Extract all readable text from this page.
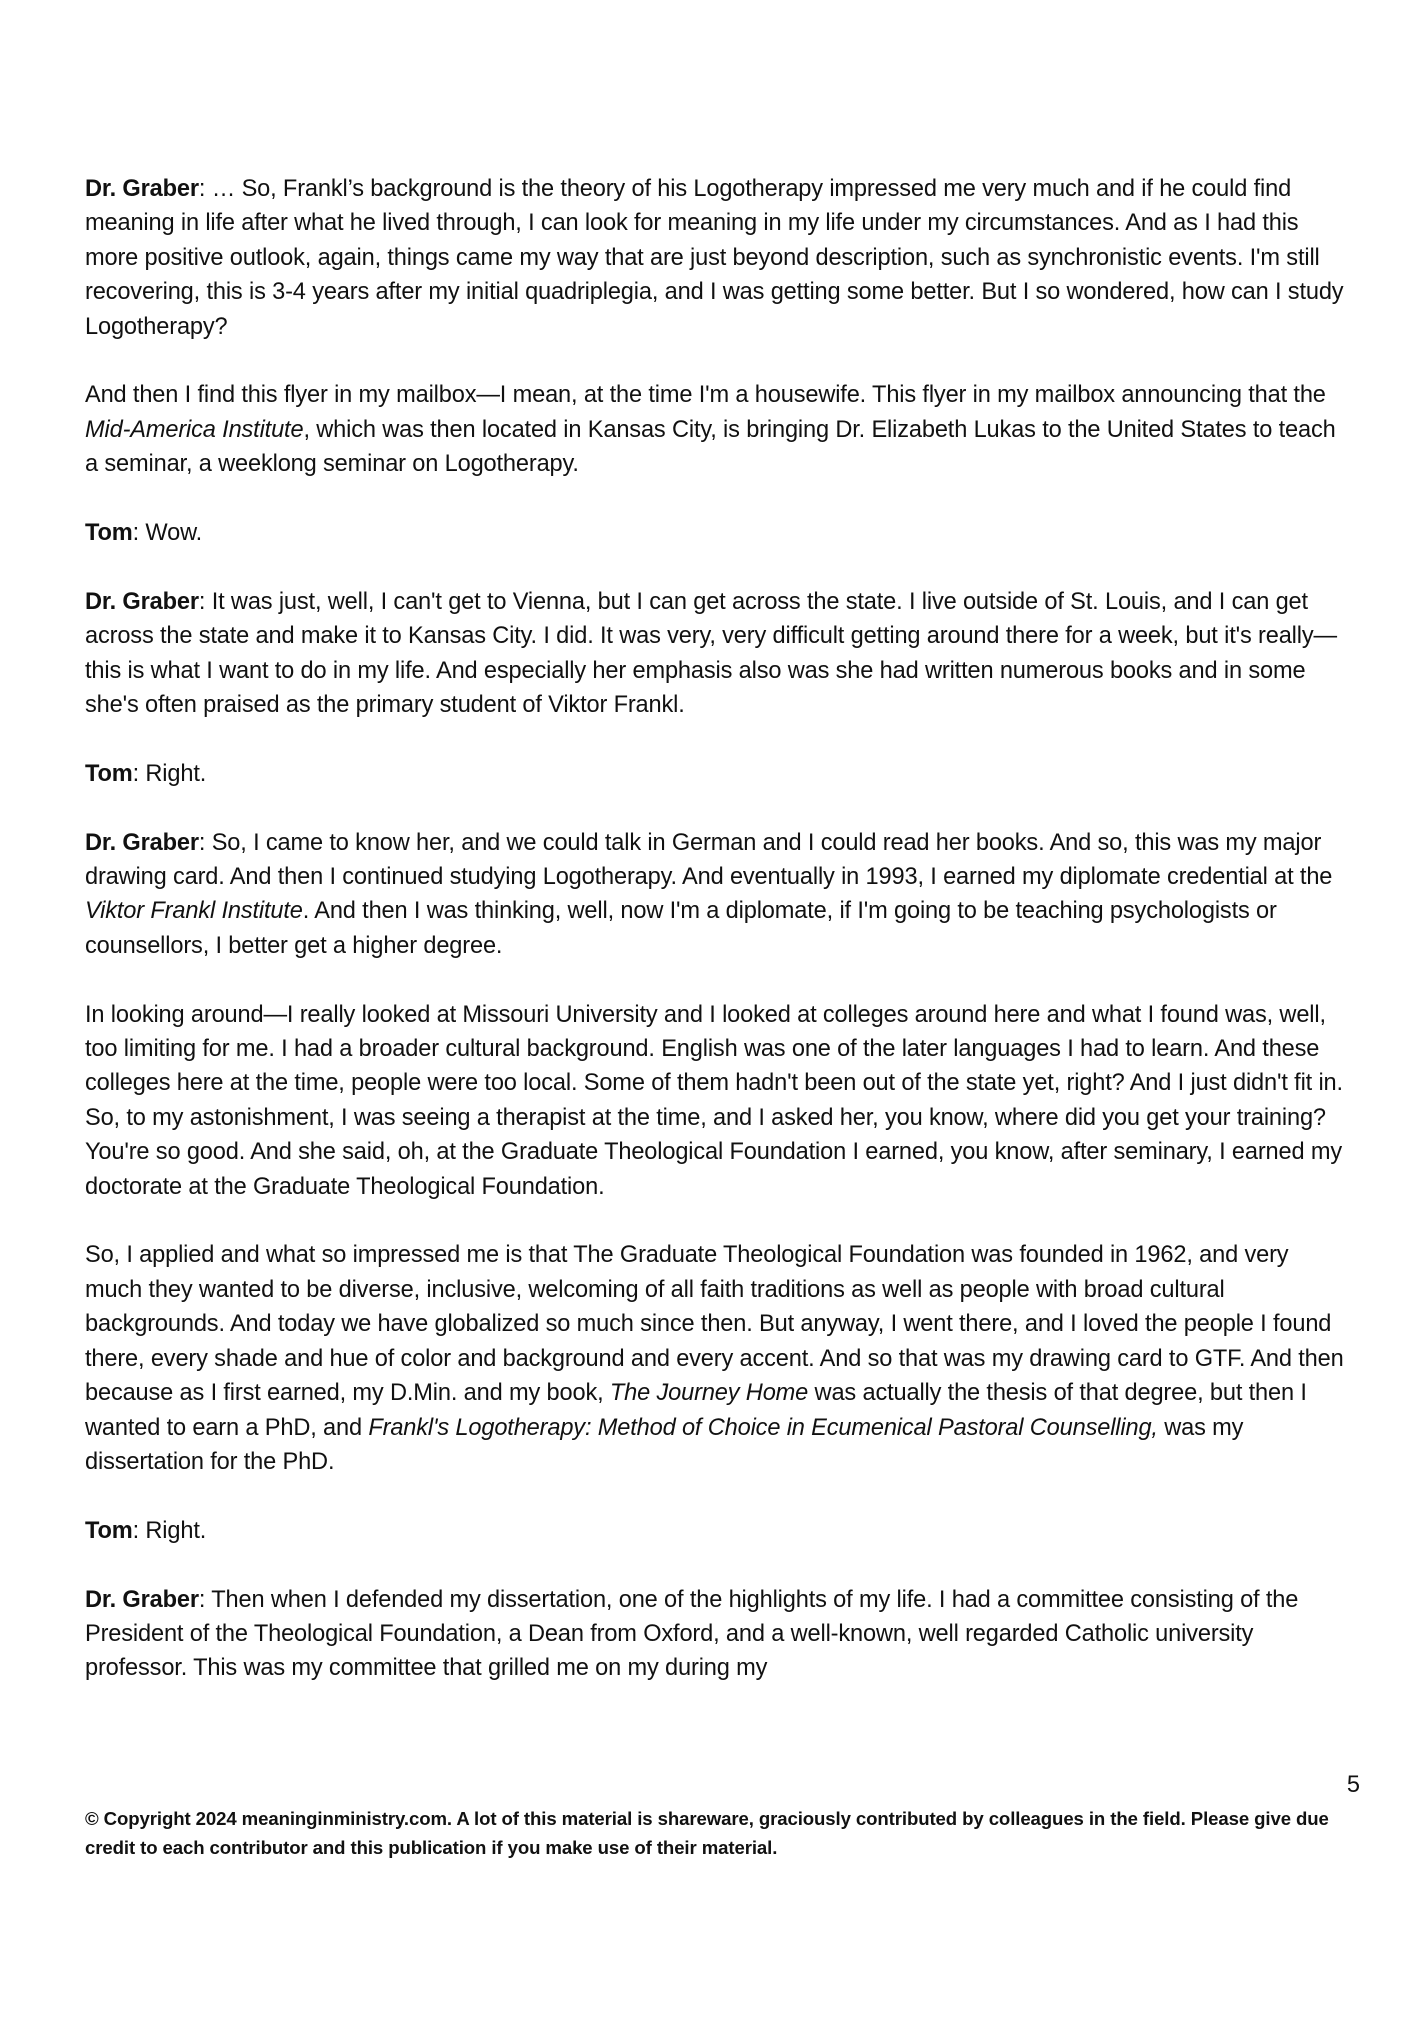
Dr. Graber: … So, Frankl’s background is the theory of his Logotherapy impressed me very much and if he could find meaning in life after what he lived through, I can look for meaning in my life under my circumstances. And as I had this more positive outlook, again, things came my way that are just beyond description, such as synchronistic events. I'm still recovering, this is 3-4 years after my initial quadriplegia, and I was getting some better. But I so wondered, how can I study Logotherapy?

And then I find this flyer in my mailbox—I mean, at the time I'm a housewife. This flyer in my mailbox announcing that the Mid-America Institute, which was then located in Kansas City, is bringing Dr. Elizabeth Lukas to the United States to teach a seminar, a weeklong seminar on Logotherapy.

Tom: Wow.

Dr. Graber: It was just, well, I can't get to Vienna, but I can get across the state. I live outside of St. Louis, and I can get across the state and make it to Kansas City. I did. It was very, very difficult getting around there for a week, but it's really—this is what I want to do in my life. And especially her emphasis also was she had written numerous books and in some she's often praised as the primary student of Viktor Frankl.

Tom: Right.

Dr. Graber: So, I came to know her, and we could talk in German and I could read her books. And so, this was my major drawing card. And then I continued studying Logotherapy. And eventually in 1993, I earned my diplomate credential at the Viktor Frankl Institute. And then I was thinking, well, now I'm a diplomate, if I'm going to be teaching psychologists or counsellors, I better get a higher degree.

In looking around—I really looked at Missouri University and I looked at colleges around here and what I found was, well, too limiting for me. I had a broader cultural background. English was one of the later languages I had to learn. And these colleges here at the time, people were too local. Some of them hadn't been out of the state yet, right? And I just didn't fit in. So, to my astonishment, I was seeing a therapist at the time, and I asked her, you know, where did you get your training? You're so good. And she said, oh, at the Graduate Theological Foundation I earned, you know, after seminary, I earned my doctorate at the Graduate Theological Foundation.

So, I applied and what so impressed me is that The Graduate Theological Foundation was founded in 1962, and very much they wanted to be diverse, inclusive, welcoming of all faith traditions as well as people with broad cultural backgrounds. And today we have globalized so much since then. But anyway, I went there, and I loved the people I found there, every shade and hue of color and background and every accent. And so that was my drawing card to GTF. And then because as I first earned, my D.Min. and my book, The Journey Home was actually the thesis of that degree, but then I wanted to earn a PhD, and Frankl's Logotherapy: Method of Choice in Ecumenical Pastoral Counselling, was my dissertation for the PhD.

Tom: Right.

Dr. Graber: Then when I defended my dissertation, one of the highlights of my life. I had a committee consisting of the President of the Theological Foundation, a Dean from Oxford, and a well-known, well regarded Catholic university professor. This was my committee that grilled me on my during my

5
© Copyright 2024 meaninginministry.com. A lot of this material is shareware, graciously contributed by colleagues in the field. Please give due credit to each contributor and this publication if you make use of their material.
